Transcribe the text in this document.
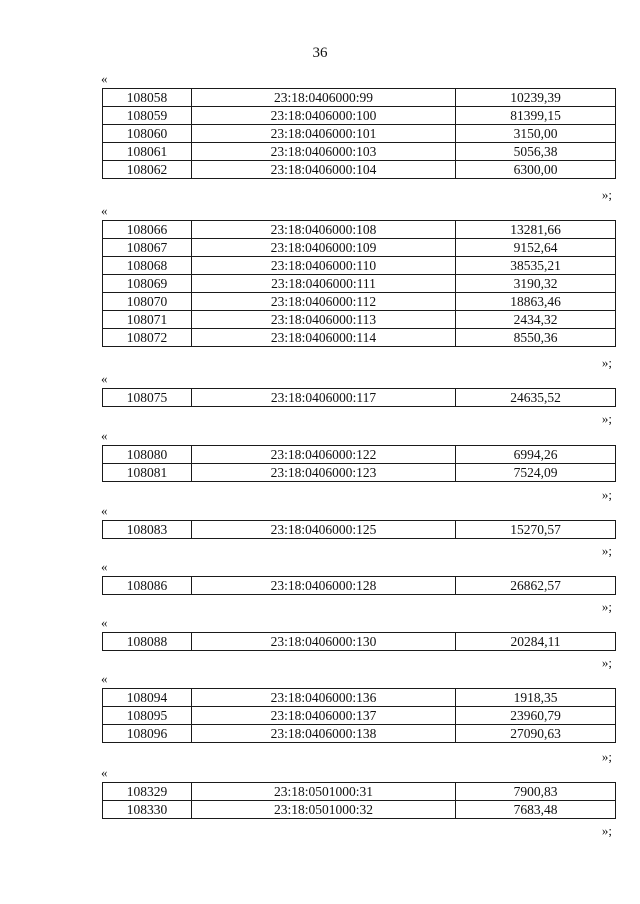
36
«
108058	23:18:0406000:99	10239,39
108059	23:18:0406000:100	81399,15
108060	23:18:0406000:101	3150,00
108061	23:18:0406000:103	5056,38
108062	23:18:0406000:104	6300,00
»;
«
108066	23:18:0406000:108	13281,66
108067	23:18:0406000:109	9152,64
108068	23:18:0406000:110	38535,21
108069	23:18:0406000:111	3190,32
108070	23:18:0406000:112	18863,46
108071	23:18:0406000:113	2434,32
108072	23:18:0406000:114	8550,36
»;
«
108075	23:18:0406000:117	24635,52
»;
«
108080	23:18:0406000:122	6994,26
108081	23:18:0406000:123	7524,09
»;
«
108083	23:18:0406000:125	15270,57
»;
«
108086	23:18:0406000:128	26862,57
»;
«
108088	23:18:0406000:130	20284,11
»;
«
108094	23:18:0406000:136	1918,35
108095	23:18:0406000:137	23960,79
108096	23:18:0406000:138	27090,63
»;
«
108329	23:18:0501000:31	7900,83
108330	23:18:0501000:32	7683,48
»;
